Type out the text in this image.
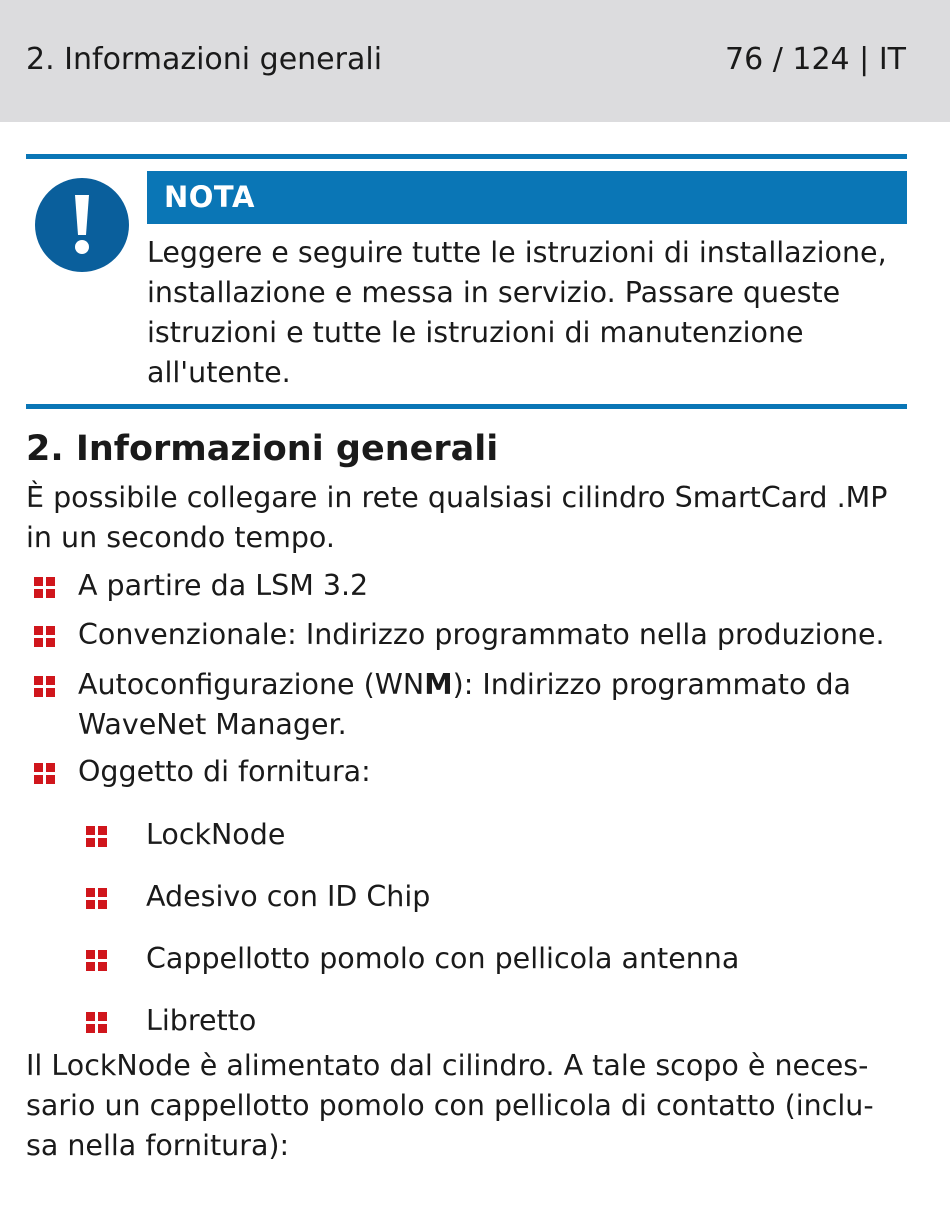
2. Informazioni generali	76 / 124 | IT
NOTA
Leggere e seguire tutte le istruzioni di installazione,
installazione e messa in servizio. Passare queste
istruzioni e tutte le istruzioni di manutenzione
all'utente.
2. Informazioni generali
È possibile collegare in rete qualsiasi cilindro SmartCard .MP
in un secondo tempo.
A partire da LSM 3.2
Convenzionale: Indirizzo programmato nella produzione.
Autoconfigurazione (WNM): Indirizzo programmato da
WaveNet Manager.
Oggetto di fornitura:
LockNode
Adesivo con ID Chip
Cappellotto pomolo con pellicola antenna
Libretto
Il LockNode è alimentato dal cilindro. A tale scopo è neces-
sario un cappellotto pomolo con pellicola di contatto (inclu-
sa nella fornitura):
